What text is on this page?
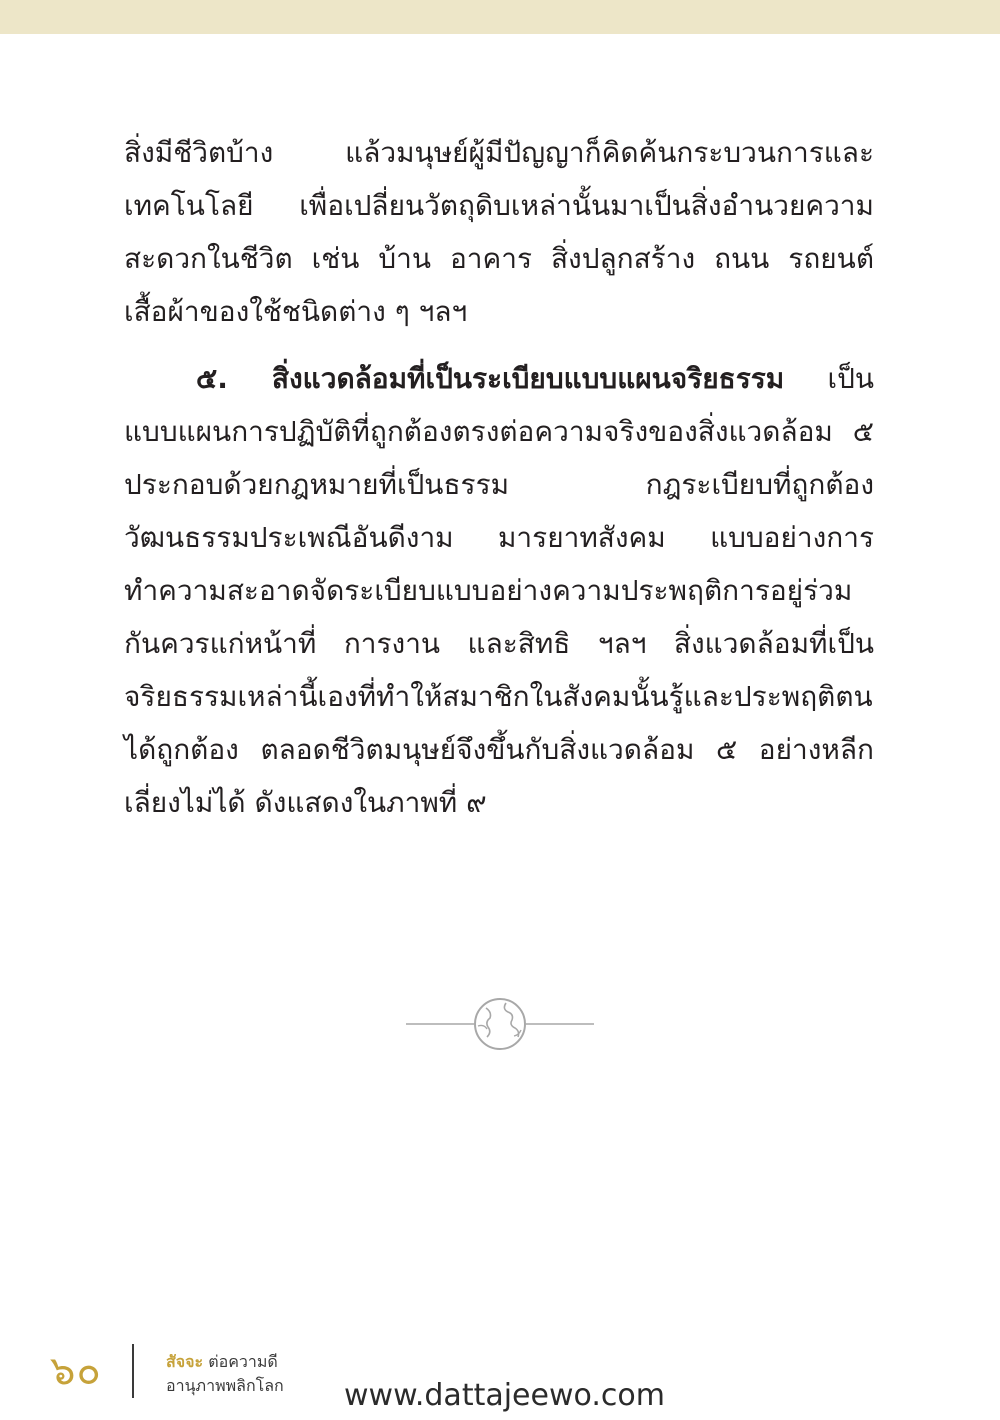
สิ่งมีชีวิตบ้าง แล้วมนุษย์ผู้มีปัญญาก็คิดค้นกระบวนการและเทคโนโลยี เพื่อเปลี่ยนวัตถุดิบเหล่านั้นมาเป็นสิ่งอำนวยความสะดวกในชีวิต เช่น บ้าน อาคาร สิ่งปลูกสร้าง ถนน รถยนต์ เสื้อผ้าของใช้ชนิดต่าง ๆ ฯลฯ

๕. สิ่งแวดล้อมที่เป็นระเบียบแบบแผนจริยธรรม เป็นแบบแผนการปฏิบัติที่ถูกต้องตรงต่อความจริงของสิ่งแวดล้อม ๕ ประกอบด้วยกฎหมายที่เป็นธรรม กฎระเบียบที่ถูกต้อง วัฒนธรรมประเพณีอันดีงาม มารยาทสังคม แบบอย่างการทำความสะอาดจัดระเบียบแบบอย่างความประพฤติการอยู่ร่วมกันควรแก่หน้าที่ การงาน และสิทธิ ฯลฯ สิ่งแวดล้อมที่เป็นจริยธรรมเหล่านี้เองที่ทำให้สมาชิกในสังคมนั้นรู้และประพฤติตนได้ถูกต้อง ตลอดชีวิตมนุษย์จึงขึ้นกับสิ่งแวดล้อม ๕ อย่างหลีกเลี่ยงไม่ได้ ดังแสดงในภาพที่ ๙

๖๐	สัจจะ ต่อความดี
อานุภาพพลิกโลก www.dattajeewo.com
